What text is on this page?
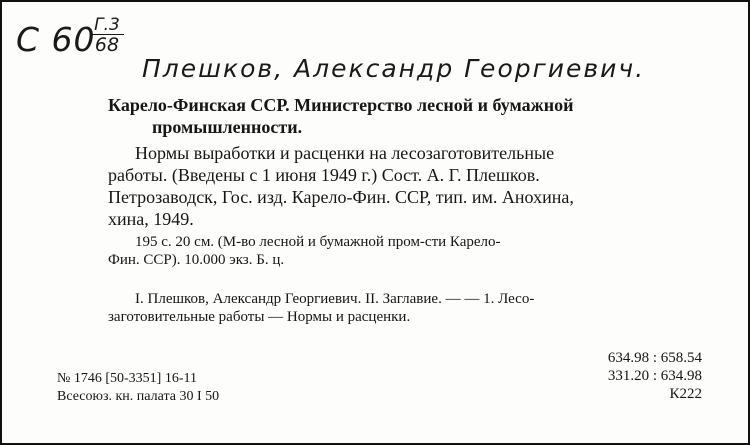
С 60
Г.3
68
Плешков, Александр Георгиевич.
Карело-Финская ССР. Министерство лесной и бумажной
промышленности.
Нормы выработки и расценки на лесозаготовительные
работы. (Введены с 1 июня 1949 г.) Сост. А. Г. Плешков.
Петрозаводск, Гос. изд. Карело-Фин. ССР, тип. им. Анохина,
хина, 1949.
195 с. 20 см. (М-во лесной и бумажной пром-сти Карело-
Фин. ССР). 10.000 экз. Б. ц.
I. Плешков, Александр Георгиевич. II. Заглавие. — — 1. Лесо-
заготовительные работы — Нормы и расценки.
№ 1746 [50-3351] 16-11
Всесоюз. кн. палата 30 I 50
634.98 : 658.54
331.20 : 634.98
К222
